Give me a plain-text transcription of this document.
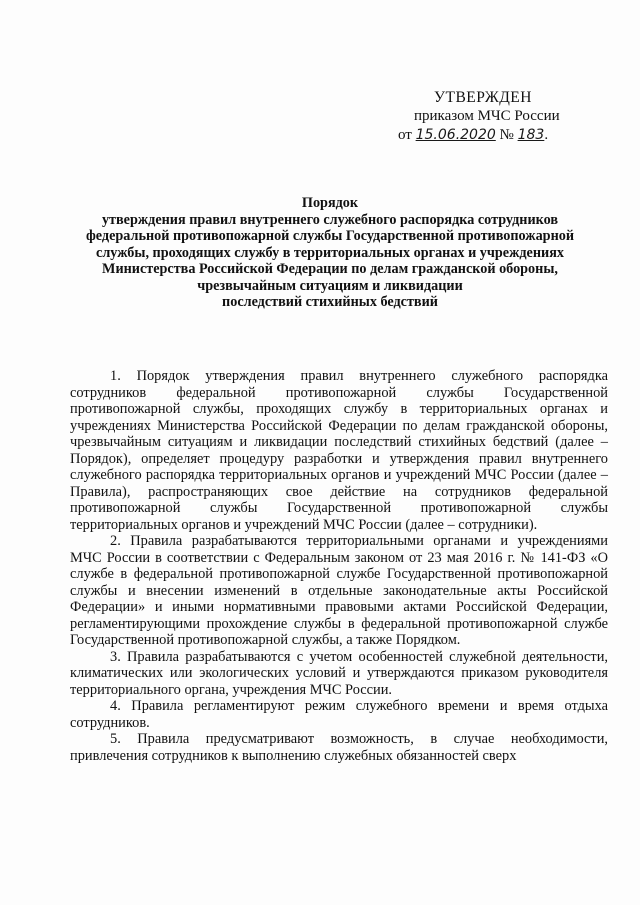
УТВЕРЖДЕН
приказом МЧС России
от 15.06.2020 № 183.
Порядок
утверждения правил внутреннего служебного распорядка сотрудников
федеральной противопожарной службы Государственной противопожарной
службы, проходящих службу в территориальных органах и учреждениях
Министерства Российской Федерации по делам гражданской обороны,
чрезвычайным ситуациям и ликвидации
последствий стихийных бедствий

1. Порядок утверждения правил внутреннего служебного распорядка сотрудников федеральной противопожарной службы Государственной противопожарной службы, проходящих службу в территориальных органах и учреждениях Министерства Российской Федерации по делам гражданской обороны, чрезвычайным ситуациям и ликвидации последствий стихийных бедствий (далее – Порядок), определяет процедуру разработки и утверждения правил внутреннего служебного распорядка территориальных органов и учреждений МЧС России (далее – Правила), распространяющих свое действие на сотрудников федеральной противопожарной службы Государственной противопожарной службы территориальных органов и учреждений МЧС России (далее – сотрудники).

2. Правила разрабатываются территориальными органами и учреждениями МЧС России в соответствии с Федеральным законом от 23 мая 2016 г. № 141-ФЗ «О службе в федеральной противопожарной службе Государственной противопожарной службы и внесении изменений в отдельные законодательные акты Российской Федерации» и иными нормативными правовыми актами Российской Федерации, регламентирующими прохождение службы в федеральной противопожарной службе Государственной противопожарной службы, а также Порядком.

3. Правила разрабатываются с учетом особенностей служебной деятельности, климатических или экологических условий и утверждаются приказом руководителя территориального органа, учреждения МЧС России.

4. Правила регламентируют режим служебного времени и время отдыха сотрудников.

5. Правила предусматривают возможность, в случае необходимости, привлечения сотрудников к выполнению служебных обязанностей сверх
